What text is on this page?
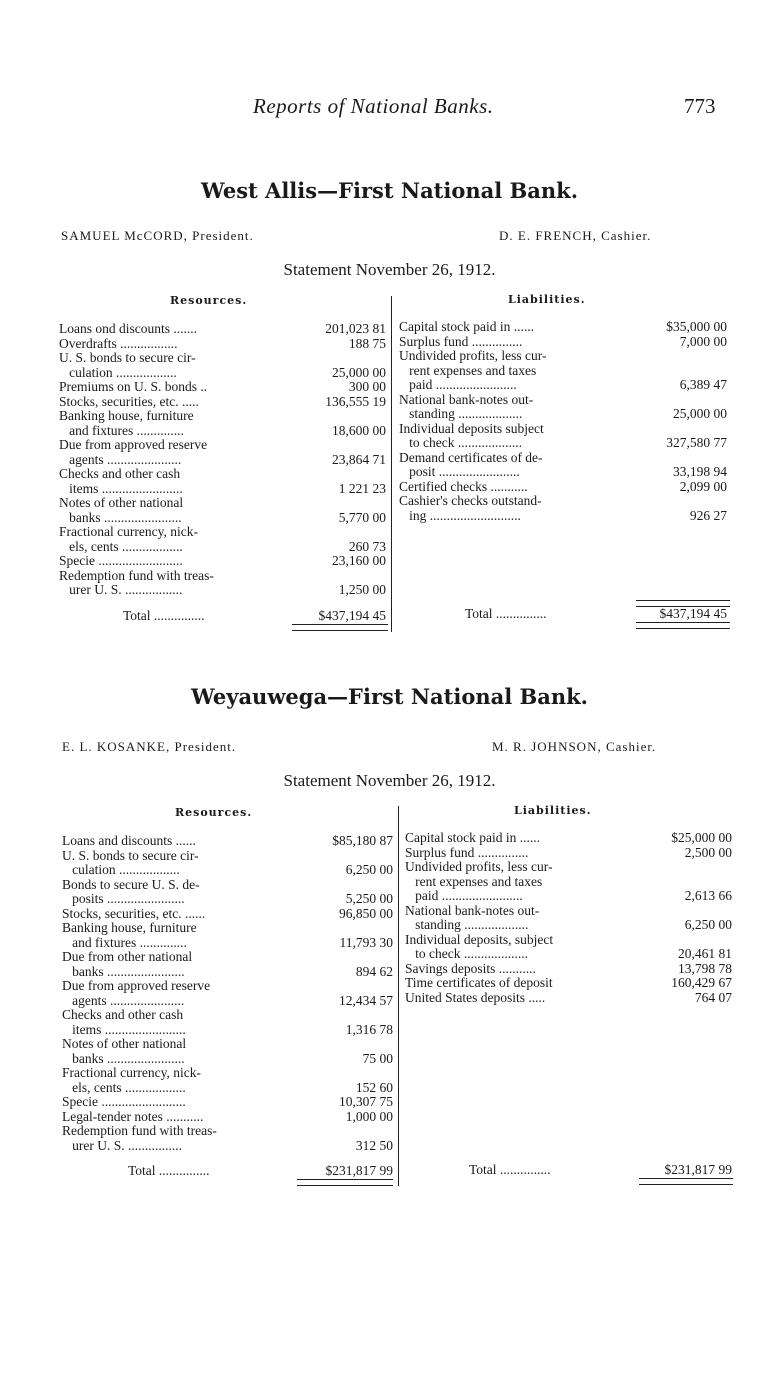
Reports of National Banks.	773
West Allis—First National Bank.
SAMUEL McCORD, President.	D. E. FRENCH, Cashier.
Statement November 26, 1912.
Resources.	Liabilities.
Loans ond discounts .......	201,023 81
Overdrafts .................	188 75
U. S. bonds to secure cir-
culation ..................	25,000 00
Premiums on U. S. bonds ..	300 00
Stocks, securities, etc. .....	136,555 19
Banking house, furniture
and fixtures ..............	18,600 00
Due from approved reserve
agents ......................	23,864 71
Checks and other cash
items ........................	1 221 23
Notes of other national
banks .......................	5,770 00
Fractional currency, nick-
els, cents ..................	260 73
Specie .........................	23,160 00
Redemption fund with treas-
urer U. S. .................	1,250 00
Capital stock paid in ......	$35,000 00
Surplus fund ...............	7,000 00
Undivided profits, less cur-
rent expenses and taxes
paid ........................	6,389 47
National bank-notes out-
standing ...................	25,000 00
Individual deposits subject
to check ...................	327,580 77
Demand certificates of de-
posit ........................	33,198 94
Certified checks ...........	2,099 00
Cashier's checks outstand-
ing ...........................	926 27
Total ...............	$437,194 45	Total ...............	$437,194 45
Weyauwega—First National Bank.
E. L. KOSANKE, President.	M. R. JOHNSON, Cashier.
Statement November 26, 1912.
Resources.	Liabilities.
Loans and discounts ......	$85,180 87
U. S. bonds to secure cir-
culation ..................	6,250 00
Bonds to secure U. S. de-
posits .......................	5,250 00
Stocks, securities, etc. ......	96,850 00
Banking house, furniture
and fixtures ..............	11,793 30
Due from other national
banks .......................	894 62
Due from approved reserve
agents ......................	12,434 57
Checks and other cash
items ........................	1,316 78
Notes of other national
banks .......................	75 00
Fractional currency, nick-
els, cents ..................	152 60
Specie .........................	10,307 75
Legal-tender notes ...........	1,000 00
Redemption fund with treas-
urer U. S. ................	312 50
Capital stock paid in ......	$25,000 00
Surplus fund ...............	2,500 00
Undivided profits, less cur-
rent expenses and taxes
paid ........................	2,613 66
National bank-notes out-
standing ...................	6,250 00
Individual deposits, subject
to check ...................	20,461 81
Savings deposits ...........	13,798 78
Time certificates of deposit	160,429 67
United States deposits .....	764 07
Total ...............	$231,817 99	Total ...............	$231,817 99
